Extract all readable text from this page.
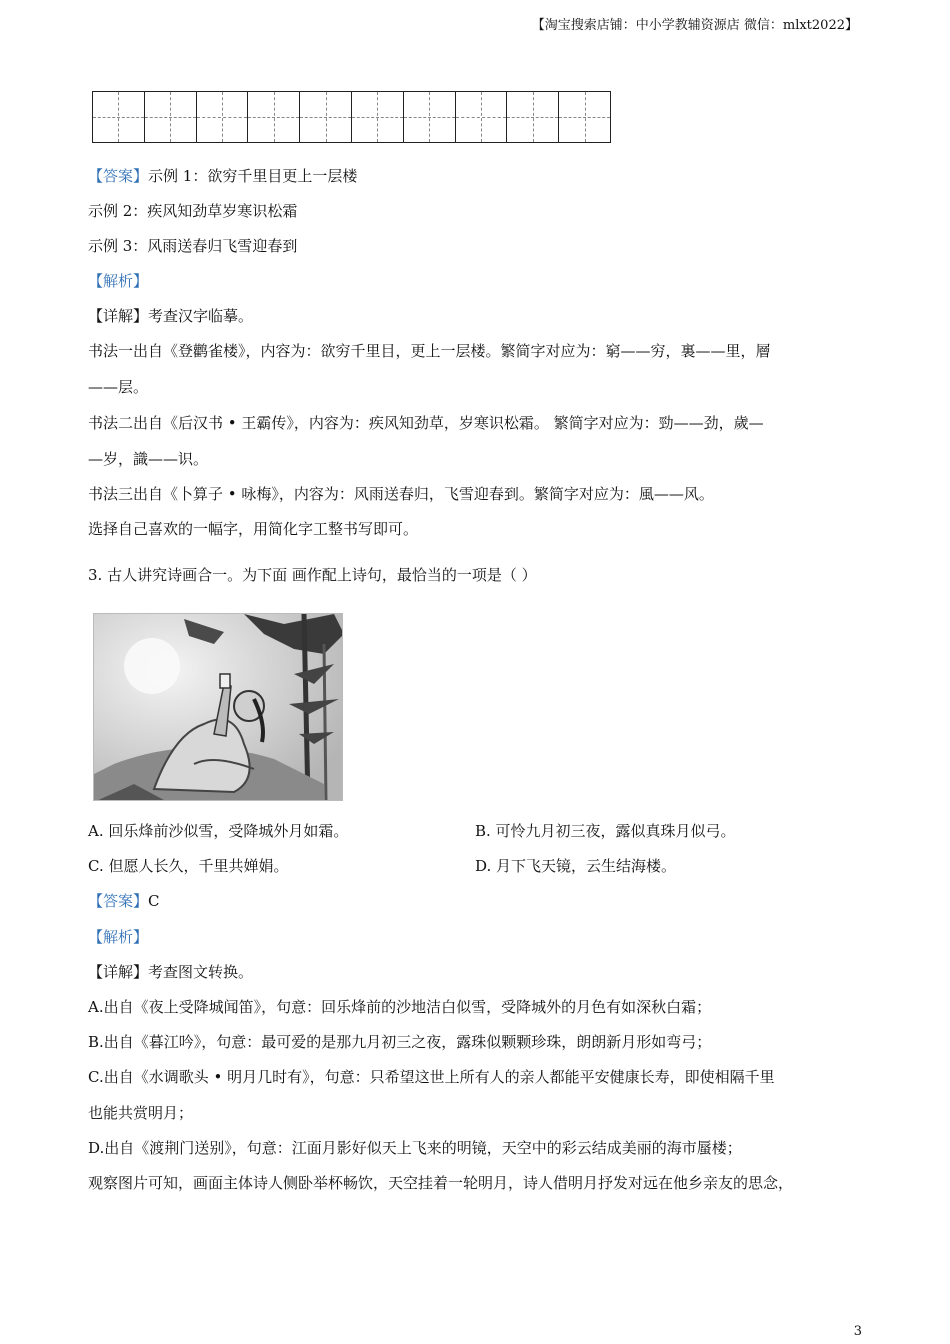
【淘宝搜索店铺：中小学教辅资源店 微信：mlxt2022】
【答案】示例 1：欲穷千里目更上一层楼
示例 2：疾风知劲草岁寒识松霜
示例 3：风雨送春归飞雪迎春到
【解析】
【详解】考查汉字临摹。
书法一出自《登鹳雀楼》，内容为：欲穷千里目，更上一层楼。繁简字对应为：窮——穷，裏——里，層
——层。
书法二出自《后汉书 • 王霸传》，内容为：疾风知劲草，岁寒识松霜。 繁简字对应为：勁——劲，歲—
—岁，識——识。
书法三出自《卜算子 • 咏梅》，内容为：风雨送春归，飞雪迎春到。繁简字对应为：風——风。
选择自己喜欢的一幅字，用简化字工整书写即可。
3. 古人讲究诗画合一。为下面 画作配上诗句，最恰当的一项是（ ）
A. 回乐烽前沙似雪，受降城外月如霜。	B. 可怜九月初三夜，露似真珠月似弓。
C. 但愿人长久，千里共婵娟。	D. 月下飞天镜，云生结海楼。
【答案】C
【解析】
【详解】考查图文转换。
A.出自《夜上受降城闻笛》，句意：回乐烽前的沙地洁白似雪，受降城外的月色有如深秋白霜；
B.出自《暮江吟》，句意：最可爱的是那九月初三之夜，露珠似颗颗珍珠，朗朗新月形如弯弓；
C.出自《水调歌头 • 明月几时有》，句意：只希望这世上所有人的亲人都能平安健康长寿，即使相隔千里
也能共赏明月；
D.出自《渡荆门送别》，句意：江面月影好似天上飞来的明镜，天空中的彩云结成美丽的海市蜃楼；
观察图片可知，画面主体诗人侧卧举杯畅饮，天空挂着一轮明月，诗人借明月抒发对远在他乡亲友的思念，
3
